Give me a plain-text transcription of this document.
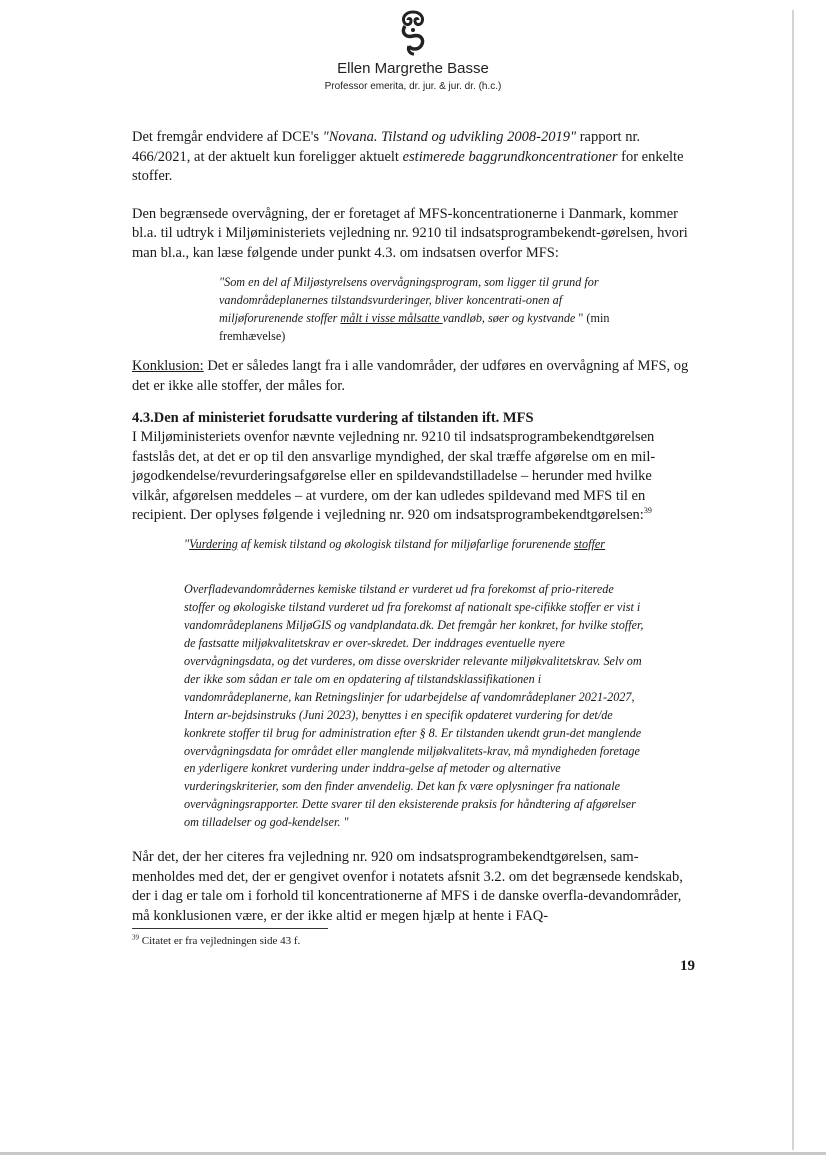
Ellen Margrethe Basse
Professor emerita, dr. jur. & jur. dr. (h.c.)

Det fremgår endvidere af DCE's "Novana. Tilstand og udvikling 2008-2019" rapport nr. 466/2021, at der aktuelt kun foreligger aktuelt estimerede baggrundkoncentrationer for enkelte stoffer.

Den begrænsede overvågning, der er foretaget af MFS-koncentrationerne i Danmark, kommer bl.a. til udtryk i Miljøministeriets vejledning nr. 9210 til indsatsprogrambekendt-gørelsen, hvori man bl.a., kan læse følgende under punkt 4.3. om indsatsen overfor MFS:

"Som en del af Miljøstyrelsens overvågningsprogram, som ligger til grund for vandområdeplanernes tilstandsvurderinger, bliver koncentrati-onen af miljøforurenende stoffer målt i visse målsatte vandløb, søer og kystvande " (min fremhævelse)

Konklusion: Det er således langt fra i alle vandområder, der udføres en overvågning af MFS, og det er ikke alle stoffer, der måles for.

4.3.Den af ministeriet forudsatte vurdering af tilstanden ift. MFS

I Miljøministeriets ovenfor nævnte vejledning nr. 9210 til indsatsprogrambekendtgørelsen fastslås det, at det er op til den ansvarlige myndighed, der skal træffe afgørelse om en mil-jøgodkendelse/revurderingsafgørelse eller en spildevandstilladelse – herunder med hvilke vilkår, afgørelsen meddeles – at vurdere, om der kan udledes spildevand med MFS til en recipient. Der oplyses følgende i vejledning nr. 920 om indsatsprogrambekendtgørelsen:$^{39}$

"Vurdering af kemisk tilstand og økologisk tilstand for miljøfarlige forurenende stoffer
Overfladevandområdernes kemiske tilstand er vurderet ud fra forekomst af prio-riterede stoffer og økologiske tilstand vurderet ud fra forekomst af nationalt spe-cifikke stoffer er vist i vandområdeplanens MiljøGIS og vandplandata.dk. Det fremgår her konkret, for hvilke stoffer, de fastsatte miljøkvalitetskrav er over-skredet. Der inddrages eventuelle nyere overvågningsdata, og det vurderes, om disse overskrider relevante miljøkvalitetskrav. Selv om der ikke som sådan er tale om en opdatering af tilstandsklassifikationen i vandområdeplanerne, kan Retningslinjer for udarbejdelse af vandområdeplaner 2021-2027, Intern ar-bejdsinstruks (Juni 2023), benyttes i en specifik opdateret vurdering for det/de konkrete stoffer til brug for administration efter § 8. Er tilstanden ukendt grun-det manglende overvågningsdata for området eller manglende miljøkvalitets-krav, må myndigheden foretage en yderligere konkret vurdering under inddra-gelse af metoder og alternative vurderingskriterier, som den finder anvendelig. Det kan fx være oplysninger fra nationale overvågningsrapporter. Dette svarer til den eksisterende praksis for håndtering af afgørelser om tilladelser og god-kendelser. "

Når det, der her citeres fra vejledning nr. 920 om indsatsprogrambekendtgørelsen, sam-menholdes med det, der er gengivet ovenfor i notatets afsnit 3.2. om det begrænsede kendskab, der i dag er tale om i forhold til koncentrationerne af MFS i de danske overfla-devandområder, må konklusionen være, er der ikke altid er megen hjælp at hente i FAQ-

$^{39}$ Citatet er fra vejledningen side 43 f.
19
